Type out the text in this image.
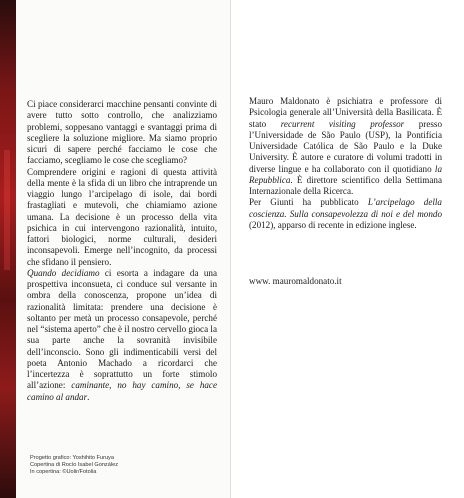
Ci piace considerarci macchine pensanti convinte di avere tutto sotto controllo, che analizziamo problemi, soppesano vantaggi e svantaggi prima di scegliere la soluzione migliore. Ma siamo proprio sicuri di sapere perché facciamo le cose che facciamo, scegliamo le cose che scegliamo?

Comprendere origini e ragioni di questa attività della mente è la sfida di un libro che intraprende un viaggio lungo l’arcipelago di isole, dai bordi frastagliati e mutevoli, che chiamiamo azione umana. La decisione è un processo della vita psichica in cui intervengono razionalità, intuito, fattori biologici, norme culturali, desideri inconsapevoli. Emerge nell’incognito, da processi che sfidano il pensiero.

Quando decidiamo ci esorta a indagare da una prospettiva inconsueta, ci conduce sul versante in ombra della conoscenza, propone un’idea di razionalità limitata: prendere una decisione è soltanto per metà un processo consapevole, perché nel “sistema aperto” che è il nostro cervello gioca la sua parte anche la sovranità invisibile dell’inconscio. Sono gli indimenticabili versi del poeta Antonio Machado a ricordarci che l’incertezza è soprattutto un forte stimolo all’azione: caminante, no hay camino, se hace camino al andar.

Progetto grafico: Yoshihito Furuya
Copertina di Rocío Isabel González
In copertina: ©Uolir/Fotolia

Mauro Maldonato è psichiatra e professore di Psicologia generale all’Università della Basilicata. È stato recurrent visiting professor presso l’Universidade de São Paulo (USP), la Pontifícia Universidade Católica de São Paulo e la Duke University. È autore e curatore di volumi tradotti in diverse lingue e ha collaborato con il quotidiano la Repubblica. È direttore scientifico della Settimana Internazionale della Ricerca.

Per Giunti ha pubblicato L’arcipelago della coscienza. Sulla consapevolezza di noi e del mondo (2012), apparso di recente in edizione inglese.

www. mauromaldonato.it
